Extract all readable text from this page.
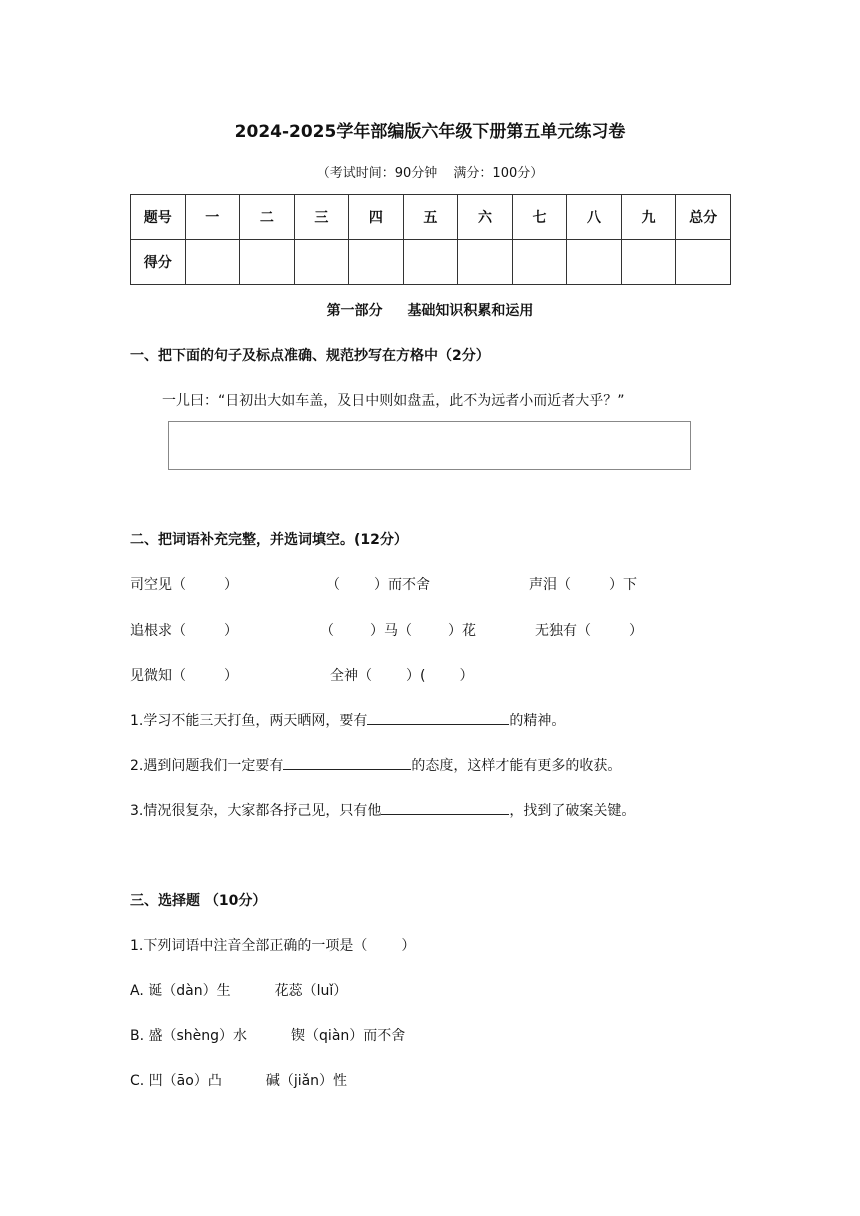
2024-2025学年部编版六年级下册第五单元练习卷
（考试时间：90分钟 满分：100分）
题号	一	二	三	四	五	六	七	八	九	总分
得分										
第一部分 基础知识积累和运用
一、把下面的句子及标点准确、规范抄写在方格中（2分）
一儿曰：“日初出大如车盖，及日中则如盘盂，此不为远者小而近者大乎？”
二、把词语补充完整，并选词填空。(12分）
司空见（	）	（ ）而不舍	声泪（	）下
追根求（	）	（	）马（	）花	无独有（	）
见微知（	）	全神（ ）( ）
1.学习不能三天打鱼，两天晒网，要有	的精神。
2.遇到问题我们一定要有	的态度，这样才能有更多的收获。
3.情况很复杂，大家都各抒己见，只有他	，找到了破案关键。
三、选择题 （10分）
1.下列词语中注音全部正确的一项是（ ）
A. 诞（dàn）生	花蕊（luǐ）
B. 盛（shèng）水	锲（qiàn）而不舍
C. 凹（āo）凸	碱（jiǎn）性
